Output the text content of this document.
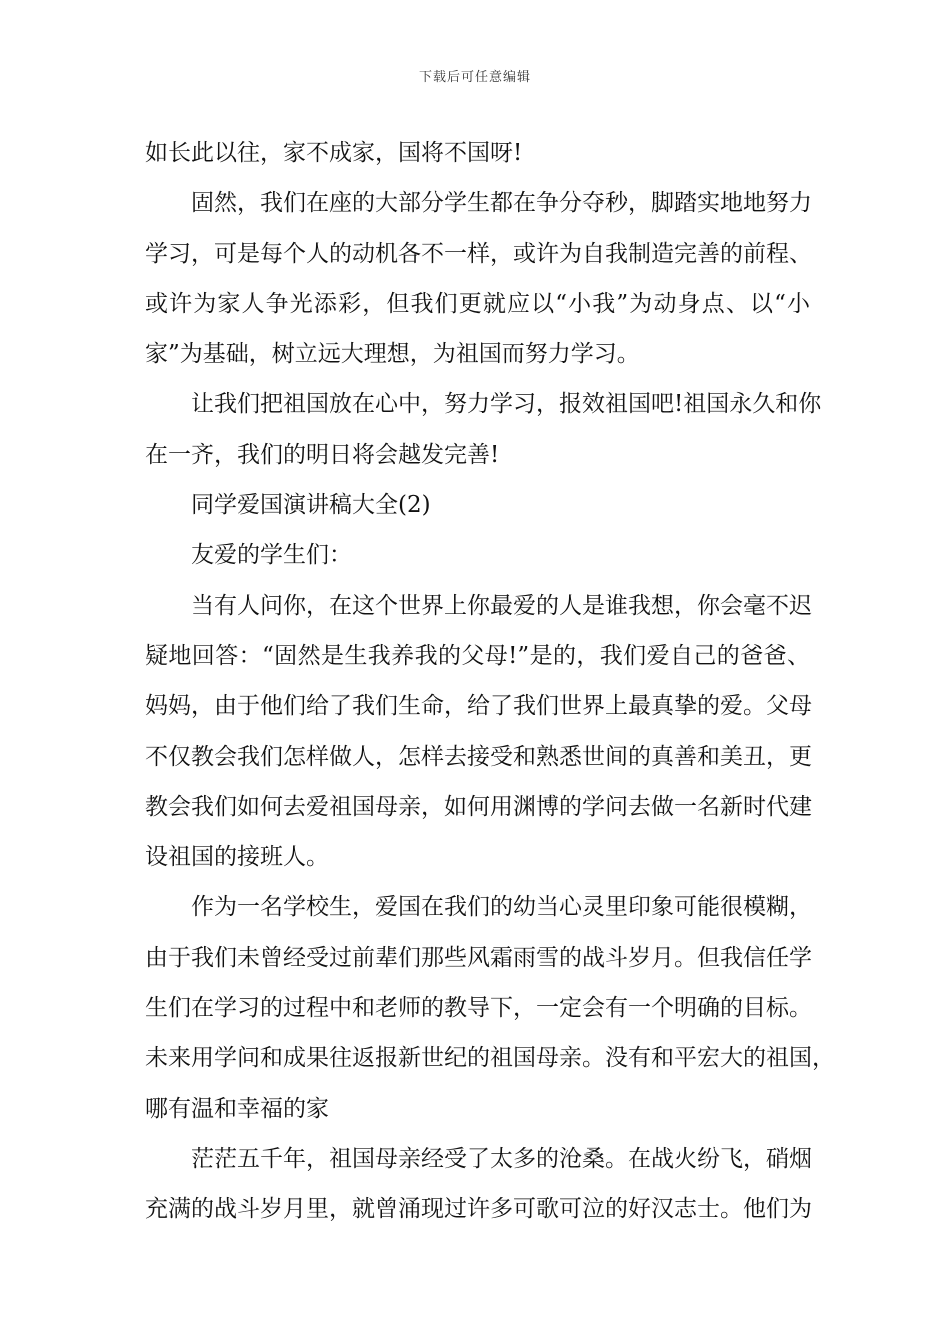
下载后可任意编辑
如长此以往，家不成家，国将不国呀!
固然，我们在座的大部分学生都在争分夺秒，脚踏实地地努力
学习，可是每个人的动机各不一样，或许为自我制造完善的前程、
或许为家人争光添彩，但我们更就应以“小我”为动身点、以“小
家”为基础，树立远大理想，为祖国而努力学习。
让我们把祖国放在心中，努力学习，报效祖国吧!祖国永久和你
在一齐，我们的明日将会越发完善!
同学爱国演讲稿大全(2)
友爱的学生们：
当有人问你，在这个世界上你最爱的人是谁我想，你会毫不迟
疑地回答：“固然是生我养我的父母!”是的，我们爱自己的爸爸、
妈妈，由于他们给了我们生命，给了我们世界上最真挚的爱。父母
不仅教会我们怎样做人，怎样去接受和熟悉世间的真善和美丑，更
教会我们如何去爱祖国母亲，如何用渊博的学问去做一名新时代建
设祖国的接班人。
作为一名学校生，爱国在我们的幼当心灵里印象可能很模糊，
由于我们未曾经受过前辈们那些风霜雨雪的战斗岁月。但我信任学
生们在学习的过程中和老师的教导下，一定会有一个明确的目标。
未来用学问和成果往返报新世纪的祖国母亲。没有和平宏大的祖国，
哪有温和幸福的家
茫茫五千年，祖国母亲经受了太多的沧桑。在战火纷飞，硝烟
充满的战斗岁月里，就曾涌现过许多可歌可泣的好汉志士。他们为
